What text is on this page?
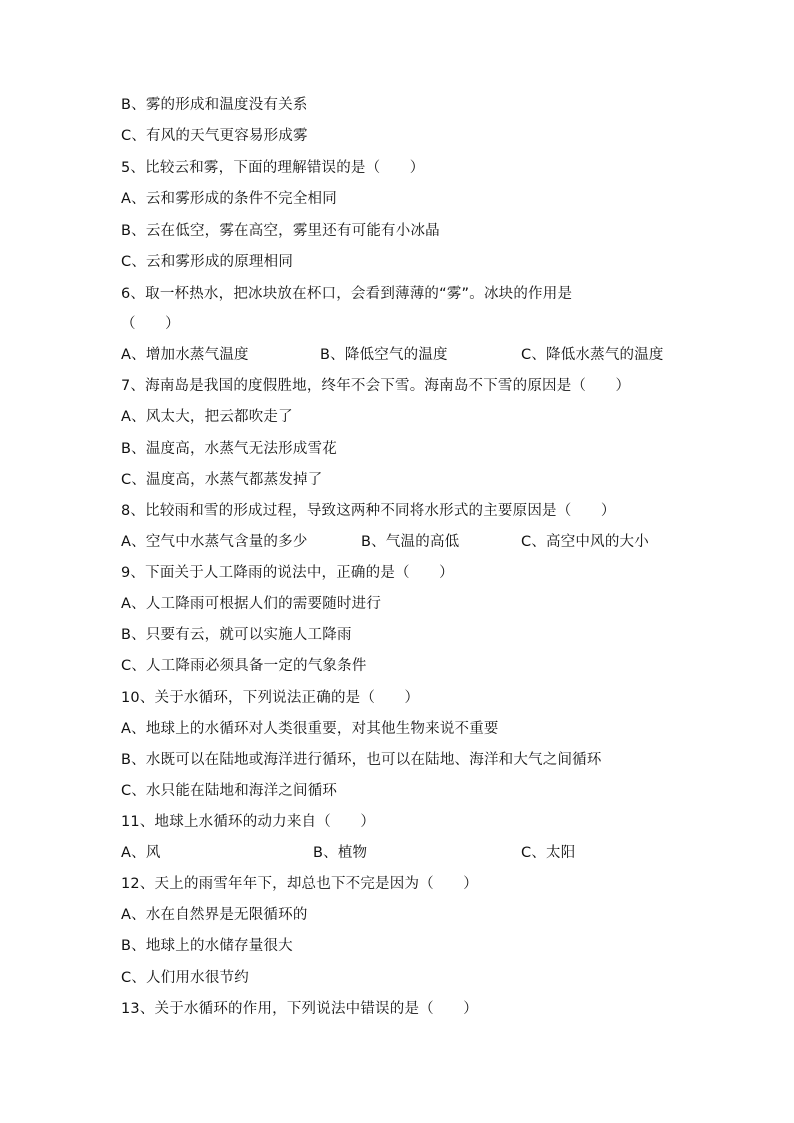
B、雾的形成和温度没有关系
C、有风的天气更容易形成雾
5、比较云和雾，下面的理解错误的是（　　）
A、云和雾形成的条件不完全相同
B、云在低空，雾在高空，雾里还有可能有小冰晶
C、云和雾形成的原理相同
6、取一杯热水，把冰块放在杯口，会看到薄薄的“雾”。冰块的作用是
（　　）
A、增加水蒸气温度	B、降低空气的温度	C、降低水蒸气的温度
7、海南岛是我国的度假胜地，终年不会下雪。海南岛不下雪的原因是（　　）
A、风太大，把云都吹走了
B、温度高，水蒸气无法形成雪花
C、温度高，水蒸气都蒸发掉了
8、比较雨和雪的形成过程，导致这两种不同将水形式的主要原因是（　　）
A、空气中水蒸气含量的多少	B、气温的高低	C、高空中风的大小
9、下面关于人工降雨的说法中，正确的是（　　）
A、人工降雨可根据人们的需要随时进行
B、只要有云，就可以实施人工降雨
C、人工降雨必须具备一定的气象条件
10、关于水循环，下列说法正确的是（　　）
A、地球上的水循环对人类很重要，对其他生物来说不重要
B、水既可以在陆地或海洋进行循环，也可以在陆地、海洋和大气之间循环
C、水只能在陆地和海洋之间循环
11、地球上水循环的动力来自（　　）
A、风	B、植物	C、太阳
12、天上的雨雪年年下，却总也下不完是因为（　　）
A、水在自然界是无限循环的
B、地球上的水储存量很大
C、人们用水很节约
13、关于水循环的作用，下列说法中错误的是（　　）
